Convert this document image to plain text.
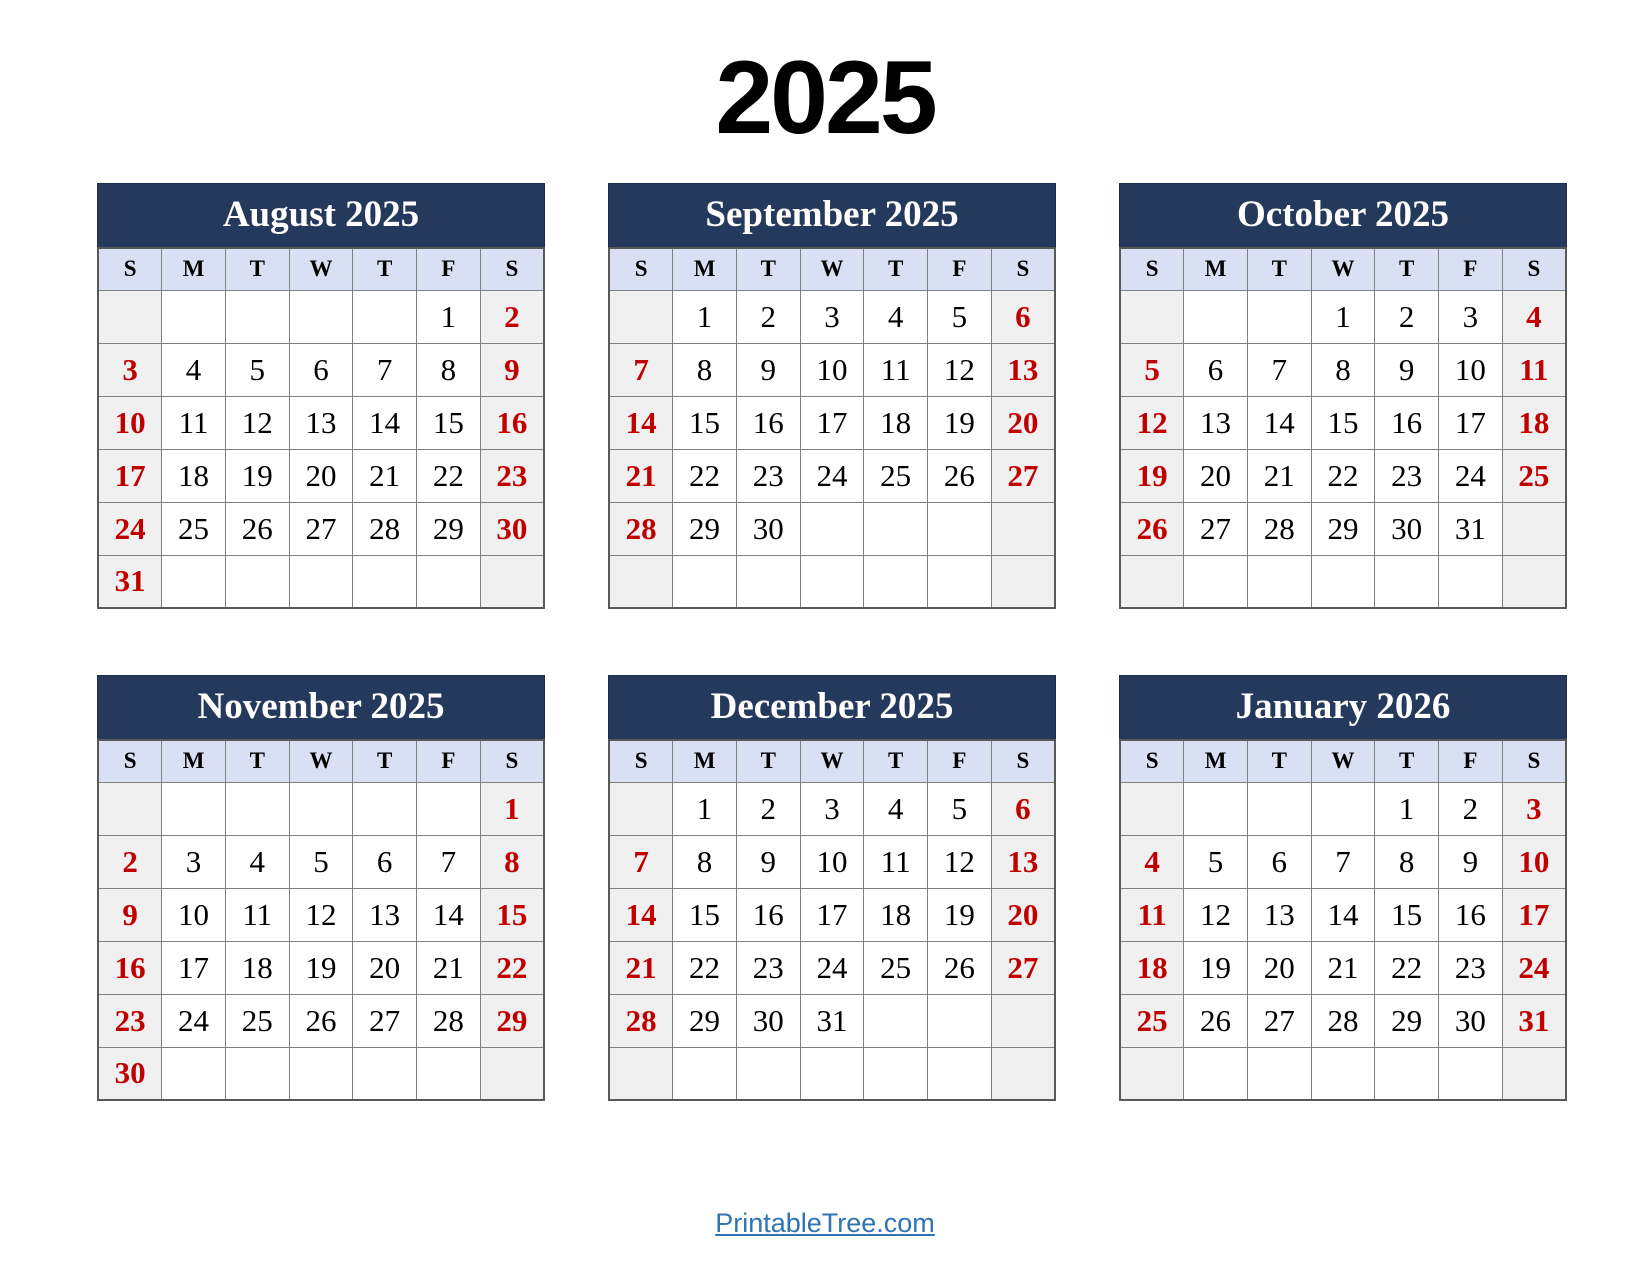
2025
August 2025
S	M	T	W	T	F	S
					1	2
3	4	5	6	7	8	9
10	11	12	13	14	15	16
17	18	19	20	21	22	23
24	25	26	27	28	29	30
31						
September 2025
S	M	T	W	T	F	S
	1	2	3	4	5	6
7	8	9	10	11	12	13
14	15	16	17	18	19	20
21	22	23	24	25	26	27
28	29	30				

October 2025
S	M	T	W	T	F	S
			1	2	3	4
5	6	7	8	9	10	11
12	13	14	15	16	17	18
19	20	21	22	23	24	25
26	27	28	29	30	31	

November 2025
S	M	T	W	T	F	S
						1
2	3	4	5	6	7	8
9	10	11	12	13	14	15
16	17	18	19	20	21	22
23	24	25	26	27	28	29
30						
December 2025
S	M	T	W	T	F	S
	1	2	3	4	5	6
7	8	9	10	11	12	13
14	15	16	17	18	19	20
21	22	23	24	25	26	27
28	29	30	31			

January 2026
S	M	T	W	T	F	S
				1	2	3
4	5	6	7	8	9	10
11	12	13	14	15	16	17
18	19	20	21	22	23	24
25	26	27	28	29	30	31

PrintableTree.com
